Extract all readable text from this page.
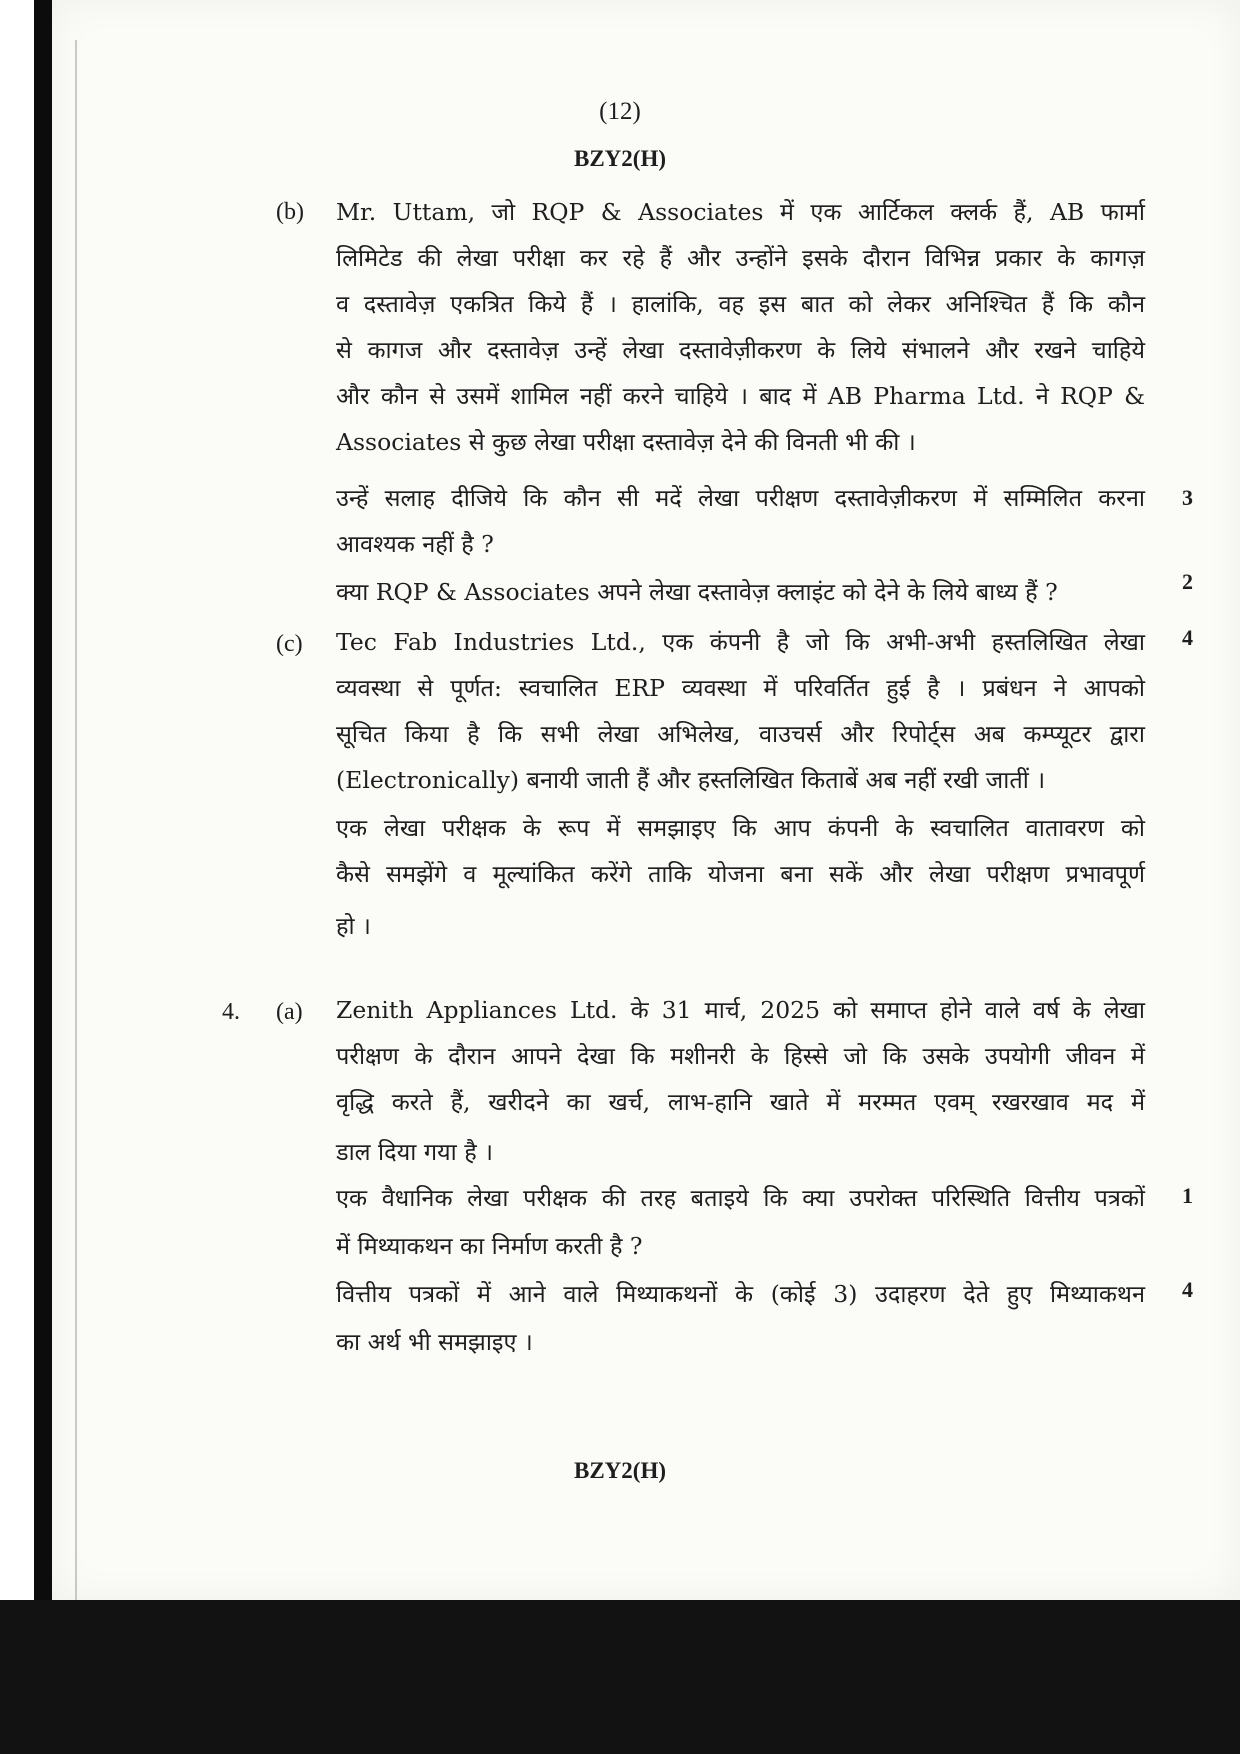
(12)
BZY2(H)
(b) Mr. Uttam, जो RQP & Associates में एक आर्टिकल क्लर्क हैं, AB फार्मा
लिमिटेड की लेखा परीक्षा कर रहे हैं और उन्होंने इसके दौरान विभिन्न प्रकार के कागज़
व दस्तावेज़ एकत्रित किये हैं । हालांकि, वह इस बात को लेकर अनिश्चित हैं कि कौन
से कागज और दस्तावेज़ उन्हें लेखा दस्तावेज़ीकरण के लिये संभालने और रखने चाहिये
और कौन से उसमें शामिल नहीं करने चाहिये । बाद में AB Pharma Ltd. ने RQP &
Associates से कुछ लेखा परीक्षा दस्तावेज़ देने की विनती भी की ।
उन्हें सलाह दीजिये कि कौन सी मदें लेखा परीक्षण दस्तावेज़ीकरण में सम्मिलित करना 3
आवश्यक नहीं है ?
क्या RQP & Associates अपने लेखा दस्तावेज़ क्लाइंट को देने के लिये बाध्य हैं ?	2
(c) Tec Fab Industries Ltd., एक कंपनी है जो कि अभी-अभी हस्तलिखित लेखा 4
व्यवस्था से पूर्णत: स्वचालित ERP व्यवस्था में परिवर्तित हुई है । प्रबंधन ने आपको
सूचित किया है कि सभी लेखा अभिलेख, वाउचर्स और रिपोर्ट्स अब कम्प्यूटर द्वारा
(Electronically) बनायी जाती हैं और हस्तलिखित किताबें अब नहीं रखी जातीं ।
एक लेखा परीक्षक के रूप में समझाइए कि आप कंपनी के स्वचालित वातावरण को
कैसे समझेंगे व मूल्यांकित करेंगे ताकि योजना बना सकें और लेखा परीक्षण प्रभावपूर्ण
हो ।
4. (a) Zenith Appliances Ltd. के 31 मार्च, 2025 को समाप्त होने वाले वर्ष के लेखा
परीक्षण के दौरान आपने देखा कि मशीनरी के हिस्से जो कि उसके उपयोगी जीवन में
वृद्धि करते हैं, खरीदने का खर्च, लाभ-हानि खाते में मरम्मत एवम् रखरखाव मद में
डाल दिया गया है ।
एक वैधानिक लेखा परीक्षक की तरह बताइये कि क्या उपरोक्त परिस्थिति वित्तीय पत्रकों 1
में मिथ्याकथन का निर्माण करती है ?
वित्तीय पत्रकों में आने वाले मिथ्याकथनों के (कोई 3) उदाहरण देते हुए मिथ्याकथन 4
का अर्थ भी समझाइए ।
BZY2(H)
